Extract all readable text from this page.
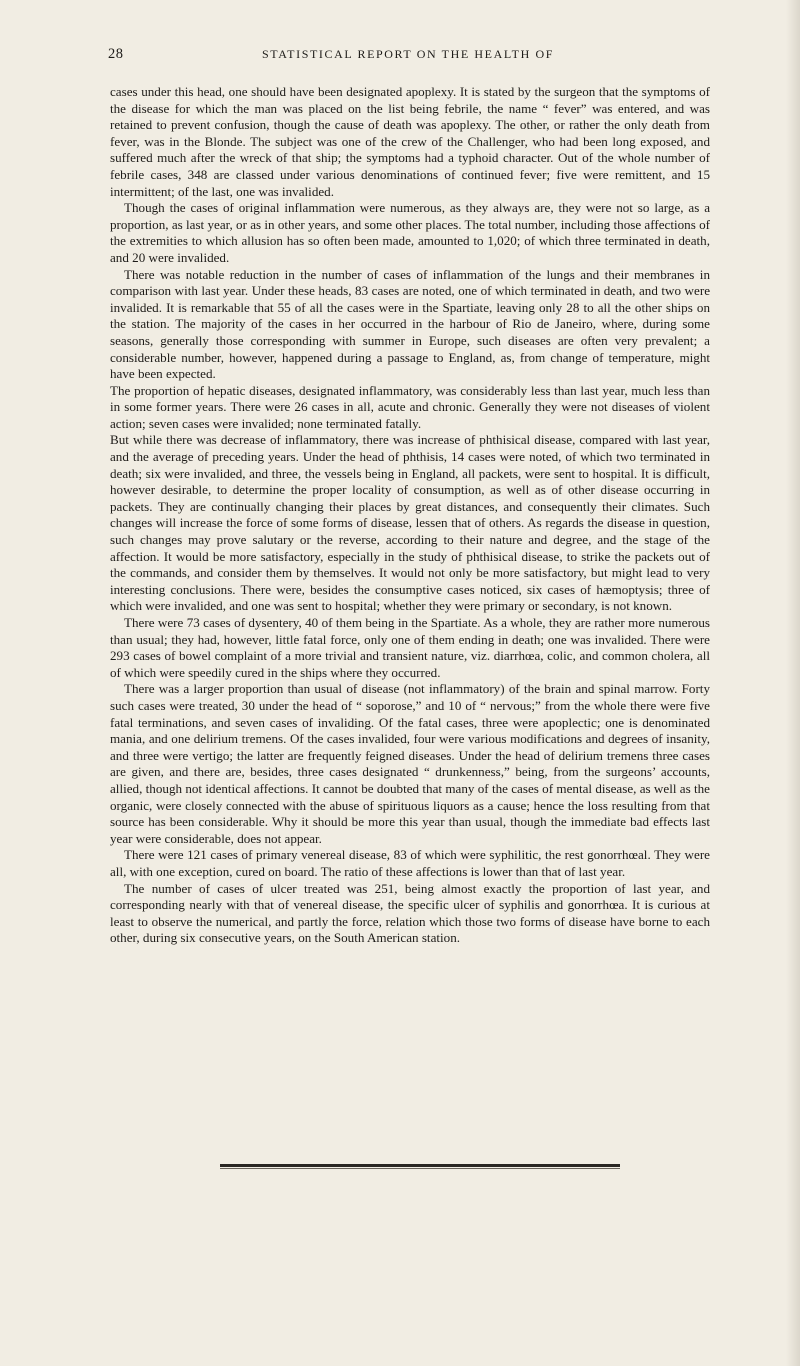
28	STATISTICAL REPORT ON THE HEALTH OF

cases under this head, one should have been designated apoplexy. It is stated by the surgeon that the symptoms of the disease for which the man was placed on the list being febrile, the name “ fever” was entered, and was retained to prevent confusion, though the cause of death was apoplexy. The other, or rather the only death from fever, was in the Blonde. The subject was one of the crew of the Challenger, who had been long exposed, and suffered much after the wreck of that ship; the symptoms had a typhoid character. Out of the whole number of febrile cases, 348 are classed under various denominations of continued fever; five were remittent, and 15 intermittent; of the last, one was invalided.

Though the cases of original inflammation were numerous, as they always are, they were not so large, as a proportion, as last year, or as in other years, and some other places. The total number, including those affections of the extremities to which allusion has so often been made, amounted to 1,020; of which three terminated in death, and 20 were invalided.

There was notable reduction in the number of cases of inflammation of the lungs and their membranes in comparison with last year. Under these heads, 83 cases are noted, one of which terminated in death, and two were invalided. It is remarkable that 55 of all the cases were in the Spartiate, leaving only 28 to all the other ships on the station. The majority of the cases in her occurred in the harbour of Rio de Janeiro, where, during some seasons, generally those corresponding with summer in Europe, such diseases are often very prevalent; a considerable number, however, happened during a passage to England, as, from change of temperature, might have been expected.

The proportion of hepatic diseases, designated inflammatory, was considerably less than last year, much less than in some former years. There were 26 cases in all, acute and chronic. Generally they were not diseases of violent action; seven cases were invalided; none terminated fatally.

But while there was decrease of inflammatory, there was increase of phthisical disease, compared with last year, and the average of preceding years. Under the head of phthisis, 14 cases were noted, of which two terminated in death; six were invalided, and three, the vessels being in England, all packets, were sent to hospital. It is difficult, however desirable, to determine the proper locality of consumption, as well as of other disease occurring in packets. They are continually changing their places by great distances, and consequently their climates. Such changes will increase the force of some forms of disease, lessen that of others. As regards the disease in question, such changes may prove salutary or the reverse, according to their nature and degree, and the stage of the affection. It would be more satisfactory, especially in the study of phthisical disease, to strike the packets out of the commands, and consider them by themselves. It would not only be more satisfactory, but might lead to very interesting conclusions. There were, besides the consumptive cases noticed, six cases of hæmoptysis; three of which were invalided, and one was sent to hospital; whether they were primary or secondary, is not known.

There were 73 cases of dysentery, 40 of them being in the Spartiate. As a whole, they are rather more numerous than usual; they had, however, little fatal force, only one of them ending in death; one was invalided. There were 293 cases of bowel complaint of a more trivial and transient nature, viz. diarrhœa, colic, and common cholera, all of which were speedily cured in the ships where they occurred.

There was a larger proportion than usual of disease (not inflammatory) of the brain and spinal marrow. Forty such cases were treated, 30 under the head of “ soporose,” and 10 of “ nervous;” from the whole there were five fatal terminations, and seven cases of invaliding. Of the fatal cases, three were apoplectic; one is denominated mania, and one delirium tremens. Of the cases invalided, four were various modifications and degrees of insanity, and three were vertigo; the latter are frequently feigned diseases. Under the head of delirium tremens three cases are given, and there are, besides, three cases designated “ drunkenness,” being, from the surgeons’ accounts, allied, though not identical affections. It cannot be doubted that many of the cases of mental disease, as well as the organic, were closely connected with the abuse of spirituous liquors as a cause; hence the loss resulting from that source has been considerable. Why it should be more this year than usual, though the immediate bad effects last year were considerable, does not appear.

There were 121 cases of primary venereal disease, 83 of which were syphilitic, the rest gonorrhœal. They were all, with one exception, cured on board. The ratio of these affections is lower than that of last year.

The number of cases of ulcer treated was 251, being almost exactly the proportion of last year, and corresponding nearly with that of venereal disease, the specific ulcer of syphilis and gonorrhœa. It is curious at least to observe the numerical, and partly the force, relation which those two forms of disease have borne to each other, during six consecutive years, on the South American station.
